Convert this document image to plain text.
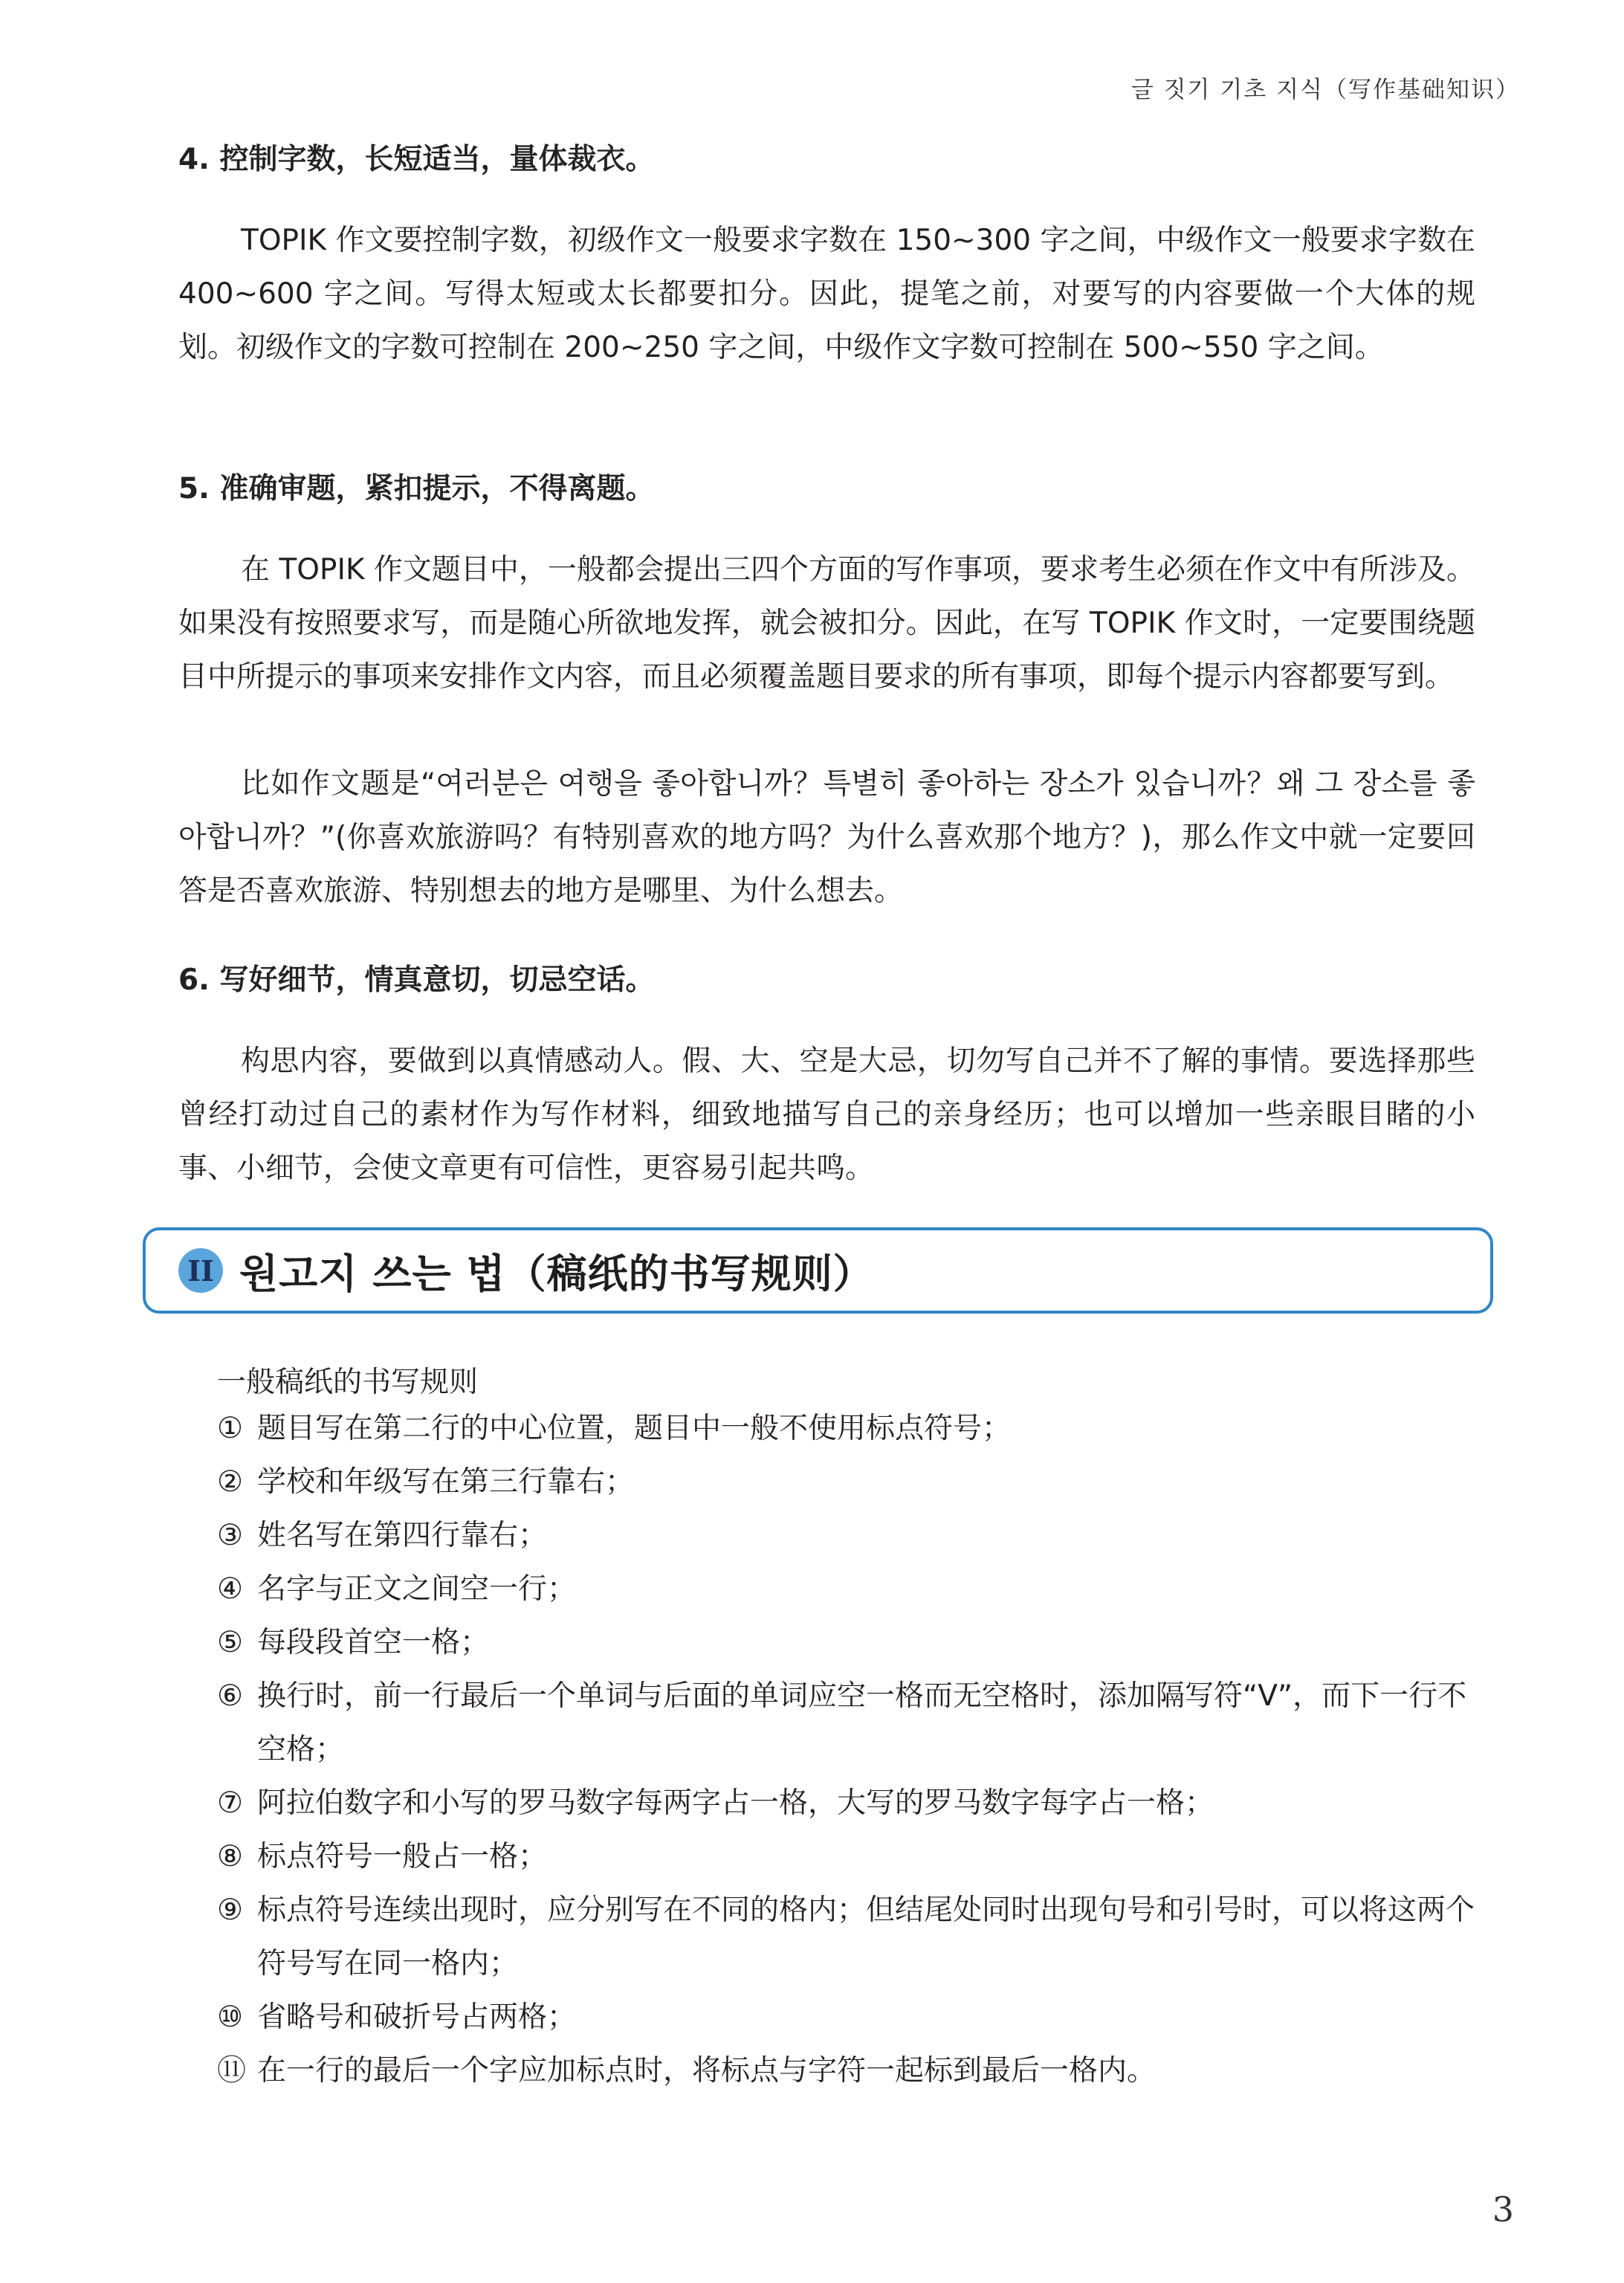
글 짓기 기초 지식（写作基础知识）
4. 控制字数，长短适当，量体裁衣。

TOPIK 作文要控制字数，初级作文一般要求字数在 150~300 字之间，中级作文一般要求字数在 400~600 字之间。写得太短或太长都要扣分。因此，提笔之前，对要写的内容要做一个大体的规划。初级作文的字数可控制在 200~250 字之间，中级作文字数可控制在 500~550 字之间。

5. 准确审题，紧扣提示，不得离题。

在 TOPIK 作文题目中，一般都会提出三四个方面的写作事项，要求考生必须在作文中有所涉及。如果没有按照要求写，而是随心所欲地发挥，就会被扣分。因此，在写 TOPIK 作文时，一定要围绕题目中所提示的事项来安排作文内容，而且必须覆盖题目要求的所有事项，即每个提示内容都要写到。

比如作文题是“여러분은 여행을 좋아합니까？특별히 좋아하는 장소가 있습니까？왜 그 장소를 좋아합니까？”(你喜欢旅游吗？有特别喜欢的地方吗？为什么喜欢那个地方？)，那么作文中就一定要回答是否喜欢旅游、特别想去的地方是哪里、为什么想去。

6. 写好细节，情真意切，切忌空话。

构思内容，要做到以真情感动人。假、大、空是大忌，切勿写自己并不了解的事情。要选择那些曾经打动过自己的素材作为写作材料，细致地描写自己的亲身经历；也可以增加一些亲眼目睹的小事、小细节，会使文章更有可信性，更容易引起共鸣。

II 원고지 쓰는 법（稿纸的书写规则）

一般稿纸的书写规则

① 题目写在第二行的中心位置，题目中一般不使用标点符号；
② 学校和年级写在第三行靠右；
③ 姓名写在第四行靠右；
④ 名字与正文之间空一行；
⑤ 每段段首空一格；
⑥ 换行时，前一行最后一个单词与后面的单词应空一格而无空格时，添加隔写符“V”，而下一行不空格；
⑦ 阿拉伯数字和小写的罗马数字每两字占一格，大写的罗马数字每字占一格；
⑧ 标点符号一般占一格；
⑨ 标点符号连续出现时，应分别写在不同的格内；但结尾处同时出现句号和引号时，可以将这两个符号写在同一格内；
⑩ 省略号和破折号占两格；
⑪ 在一行的最后一个字应加标点时，将标点与字符一起标到最后一格内。
3
